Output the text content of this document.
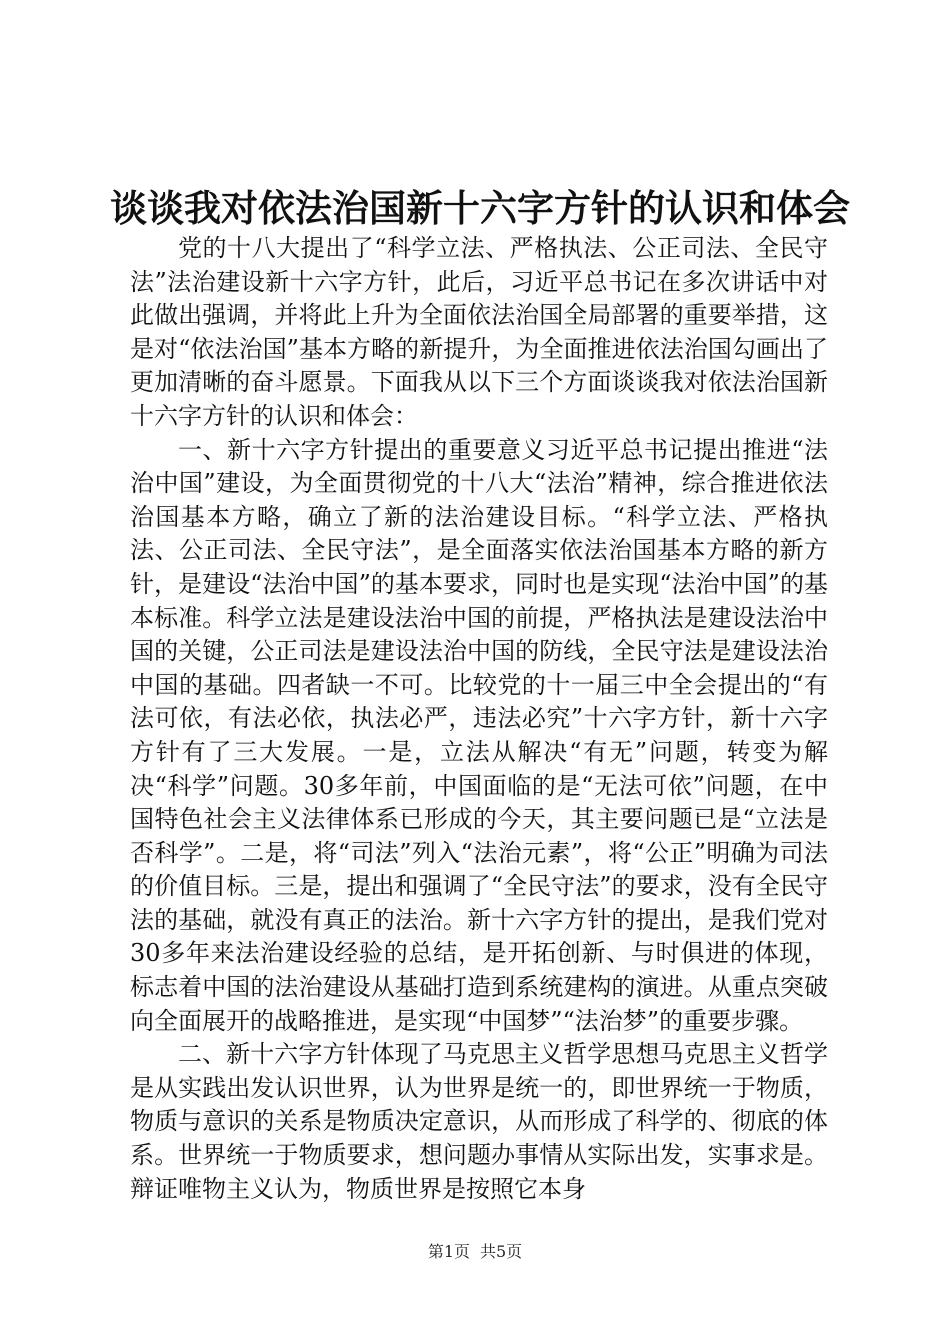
谈谈我对依法治国新十六字方针的认识和体会

党的十八大提出了“科学立法、严格执法、公正司法、全民守法”法治建设新十六字方针，此后，习近平总书记在多次讲话中对此做出强调，并将此上升为全面依法治国全局部署的重要举措，这是对“依法治国”基本方略的新提升，为全面推进依法治国勾画出了更加清晰的奋斗愿景。下面我从以下三个方面谈谈我对依法治国新十六字方针的认识和体会：

一、新十六字方针提出的重要意义习近平总书记提出推进“法治中国”建设，为全面贯彻党的十八大“法治”精神，综合推进依法治国基本方略，确立了新的法治建设目标。“科学立法、严格执法、公正司法、全民守法”，是全面落实依法治国基本方略的新方针，是建设“法治中国”的基本要求，同时也是实现“法治中国”的基本标准。科学立法是建设法治中国的前提，严格执法是建设法治中国的关键，公正司法是建设法治中国的防线，全民守法是建设法治中国的基础。四者缺一不可。比较党的十一届三中全会提出的“有法可依，有法必依，执法必严，违法必究”十六字方针，新十六字方针有了三大发展。一是，立法从解决“有无”问题，转变为解决“科学”问题。30多年前，中国面临的是“无法可依”问题，在中国特色社会主义法律体系已形成的今天，其主要问题已是“立法是否科学”。二是，将“司法”列入“法治元素”，将“公正”明确为司法的价值目标。三是，提出和强调了“全民守法”的要求，没有全民守法的基础，就没有真正的法治。新十六字方针的提出，是我们党对30多年来法治建设经验的总结，是开拓创新、与时俱进的体现，标志着中国的法治建设从基础打造到系统建构的演进。从重点突破向全面展开的战略推进，是实现“中国梦”“法治梦”的重要步骤。

二、新十六字方针体现了马克思主义哲学思想马克思主义哲学是从实践出发认识世界，认为世界是统一的，即世界统一于物质，物质与意识的关系是物质决定意识，从而形成了科学的、彻底的体系。世界统一于物质要求，想问题办事情从实际出发，实事求是。辩证唯物主义认为，物质世界是按照它本身

第1页 共5页
